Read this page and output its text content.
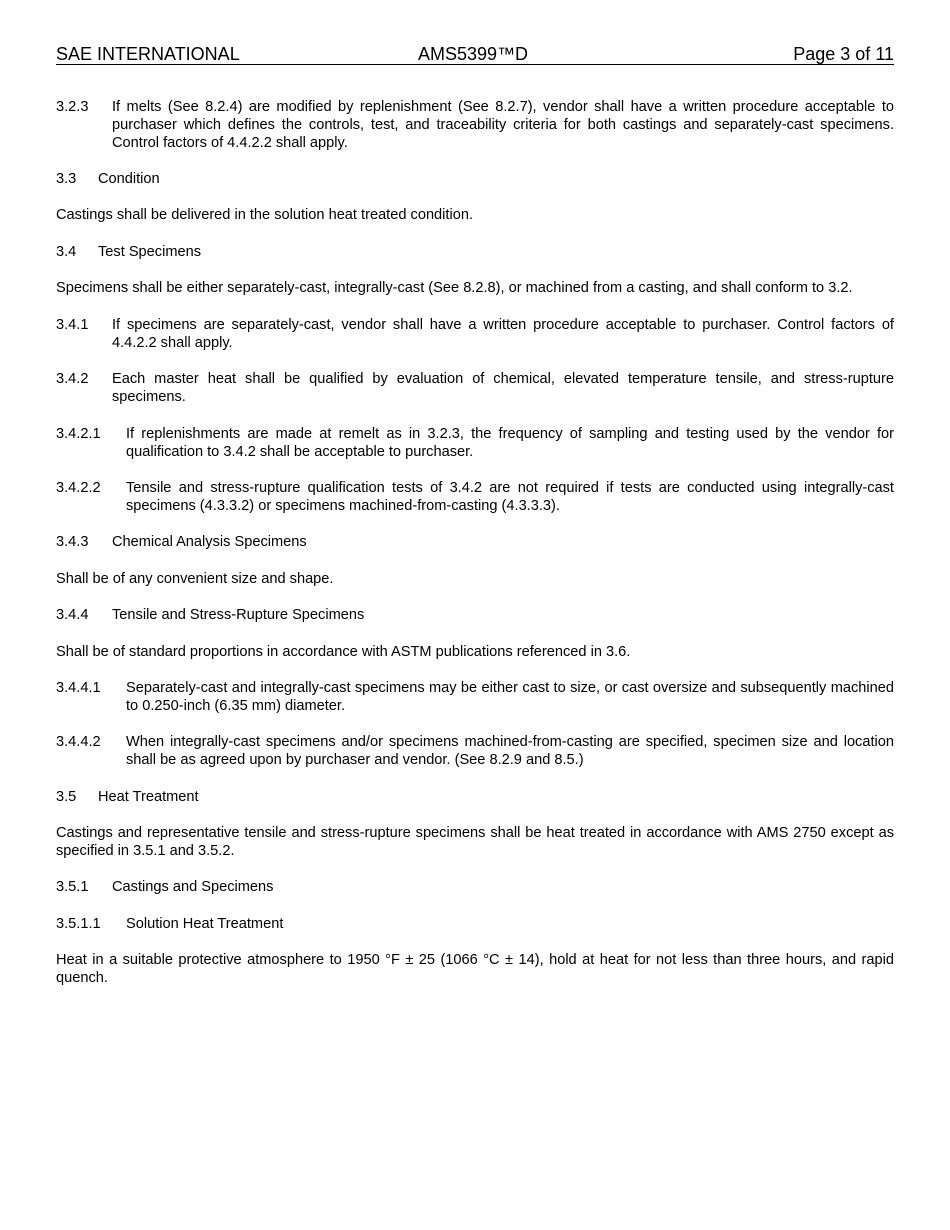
SAE INTERNATIONAL	AMS5399™D	Page 3 of 11
3.2.3	If melts (See 8.2.4) are modified by replenishment (See 8.2.7), vendor shall have a written procedure acceptable to purchaser which defines the controls, test, and traceability criteria for both castings and separately-cast specimens. Control factors of 4.4.2.2 shall apply.
3.3 Condition
Castings shall be delivered in the solution heat treated condition.
3.4 Test Specimens
Specimens shall be either separately-cast, integrally-cast (See 8.2.8), or machined from a casting, and shall conform to 3.2.
3.4.1	If specimens are separately-cast, vendor shall have a written procedure acceptable to purchaser. Control factors of 4.4.2.2 shall apply.
3.4.2	Each master heat shall be qualified by evaluation of chemical, elevated temperature tensile, and stress-rupture specimens.
3.4.2.1	If replenishments are made at remelt as in 3.2.3, the frequency of sampling and testing used by the vendor for qualification to 3.4.2 shall be acceptable to purchaser.
3.4.2.2	Tensile and stress-rupture qualification tests of 3.4.2 are not required if tests are conducted using integrally-cast specimens (4.3.3.2) or specimens machined-from-casting (4.3.3.3).
3.4.3 Chemical Analysis Specimens
Shall be of any convenient size and shape.
3.4.4 Tensile and Stress-Rupture Specimens
Shall be of standard proportions in accordance with ASTM publications referenced in 3.6.
3.4.4.1	Separately-cast and integrally-cast specimens may be either cast to size, or cast oversize and subsequently machined to 0.250-inch (6.35 mm) diameter.
3.4.4.2	When integrally-cast specimens and/or specimens machined-from-casting are specified, specimen size and location shall be as agreed upon by purchaser and vendor. (See 8.2.9 and 8.5.)
3.5 Heat Treatment
Castings and representative tensile and stress-rupture specimens shall be heat treated in accordance with AMS 2750 except as specified in 3.5.1 and 3.5.2.
3.5.1 Castings and Specimens
3.5.1.1 Solution Heat Treatment
Heat in a suitable protective atmosphere to 1950 °F ± 25 (1066 °C ± 14), hold at heat for not less than three hours, and rapid quench.
